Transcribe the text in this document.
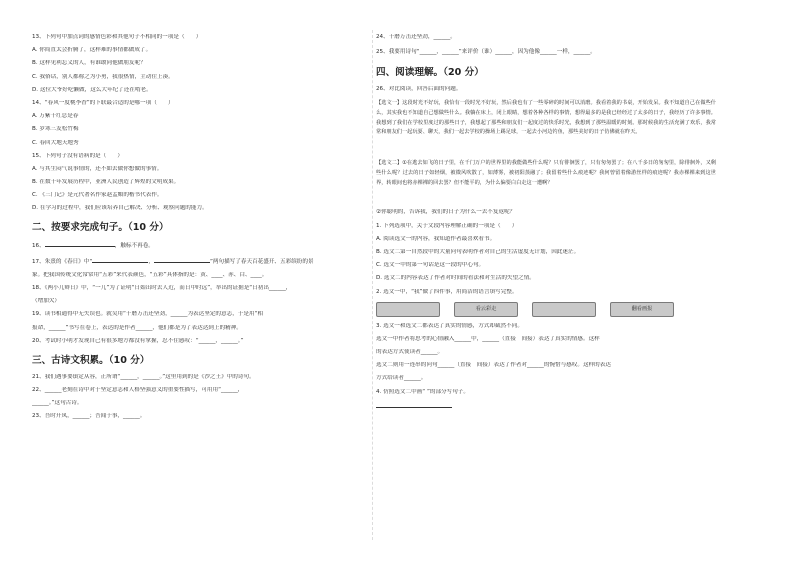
13、下列句中加点词的感情色彩和其他句子不相同的一项是（　　）
A. 你简直太会折腾了，这样难的事情都做成了。
B. 这样见利忘义的人，有谁敢同他做朋友呢？
C. 我俗话，别人都称之为小勇，我很热情，主动往上凑。
D. 这位大爷好吃懒做，这么大年纪了还在啃老。
14、“春风一度桃李香”的下联最合适的是哪一项（　　）
A. 万紫千红总是春
B. 岁寒三友松竹梅
C. 春回大地天地秀
15、下列句子没有语病的是（　　）
A. 与其生闷气说事情的，还不如去做你想做的事情。
B. 在数千年发展历程中，亚洲人民创造了辉煌的文明成果。
C. 《三门记》是元代著名作家赵孟頫的楷书代表作。
D. 在学习的过程中，我们应该培养自己解决、分析、观察问题的能力。
二、按要求完成句子。（10 分）
16、	，触标不再卷。
17、朱熹的《春日》中“	，	”两句描写了春天百花盛开、五彩缤纷的景
象。把我国传统文化常常用“五彩”来代表颜色，“五彩”具体指的是：黄、____、赤、白、____。
18、《两小儿辩日》中，“一儿”为了证明“日始出时去人近，而日中时远”，举出的证据是“日初出______，
（增加欠）
19、读书相通得中无失误也。就吴用“千磨万击还坚劲，______为表达坚定的意志，于是用“相
报命，______”书写在卷上，表达的是作者______，他们都是为了表达达到上的精神。
20、考试时小明才发现自己有很多地方都没有掌握，忍不住感叹：“______，______。”
三、古诗文积累。（10 分）
21、我们遇事要镇定从容，正所谓“______，______。”这里用到的是《沙之王》中的诗句。
22、______老刻在诗中对于坚定意志和人格坚强意义的重要性描写，可用用“______，
______。”这句古诗。
23、吾时开凤，______；吾闻于事，______。
24、千磨万击还坚劲，______。
25、我要用诗句“______，______”来评价（谁）______，因为他像______一样，______。
四、阅读理解。（20 分）
26、对比阅读，回答后面的问题。
【选文一】这段时光不好玩，我恰有一段时光不好玩，然后我也有了一些零碎的时间可以消磨。我看着我的书桌，开始发呆。我不知道自己在做些什么，其实我也不知道自己想做些什么。我躺在床上，闭上眼睛，想着各种各样的事情，想得最多的是我已经经过了太多的日子，我经历了许多事情。我想到了我们在学校里度过的那些日子，我想起了那些和朋友们一起度过的快乐时光，我想到了那些温暖的时刻。那时候我的生活充满了欢乐，我常常和朋友们一起玩耍、聊天，我们一起去学校的操场上踢足球，一起去小河边钓鱼，那些美好的日子仿佛就在昨天。
【选文二】①在逃去如飞的日子里，在千门万户的世界里的我能做些什么呢？只有徘徊罢了，只有匆匆罢了；在八千多日的匆匆里，除徘徊外，又剩些什么呢？过去的日子如轻烟，被微风吹散了，如薄雾，被初阳蒸融了；我留着些什么痕迹呢？我何曾留着像游丝样的痕迹呢？我赤裸裸来到这世界，转眼间也将赤裸裸的回去罢？但不能平的，为什么偏要白白走这一遭啊？
②你聪明的，告诉我，我们的日子为什么一去不复返呢？
1. 下列选项中，关于文段内容理解正确的一项是（　　）
A. 阅读选文一的内容，我知道作者最喜欢看书。
B. 选文二第一自然段中的大量问句表明作者对自己的生活虚度无计划，因此迷茫。
C. 选文一中的第一句话是这一段的中心句。
D. 选文二的内容表达了作者对时间的看法和对生活的失望之情。
2. 选文一中，“我”做了四件事，用简洁的语言填写完整。
看云彩走	翻看画报
3. 选文一和选文二都表达了真实的情感，方式却截然不同。
选文一中作者将思考的心情融入______中，______（直接　间接）表达了真实的情感。这样
的表达方式使读者______。
选文二则用一连串的问句______（直接　间接）表达了作者对______的惋惜与感叹。这样的表达
方式给读者______。
4. 仿照选文二中画“ ”的部分写句子。
